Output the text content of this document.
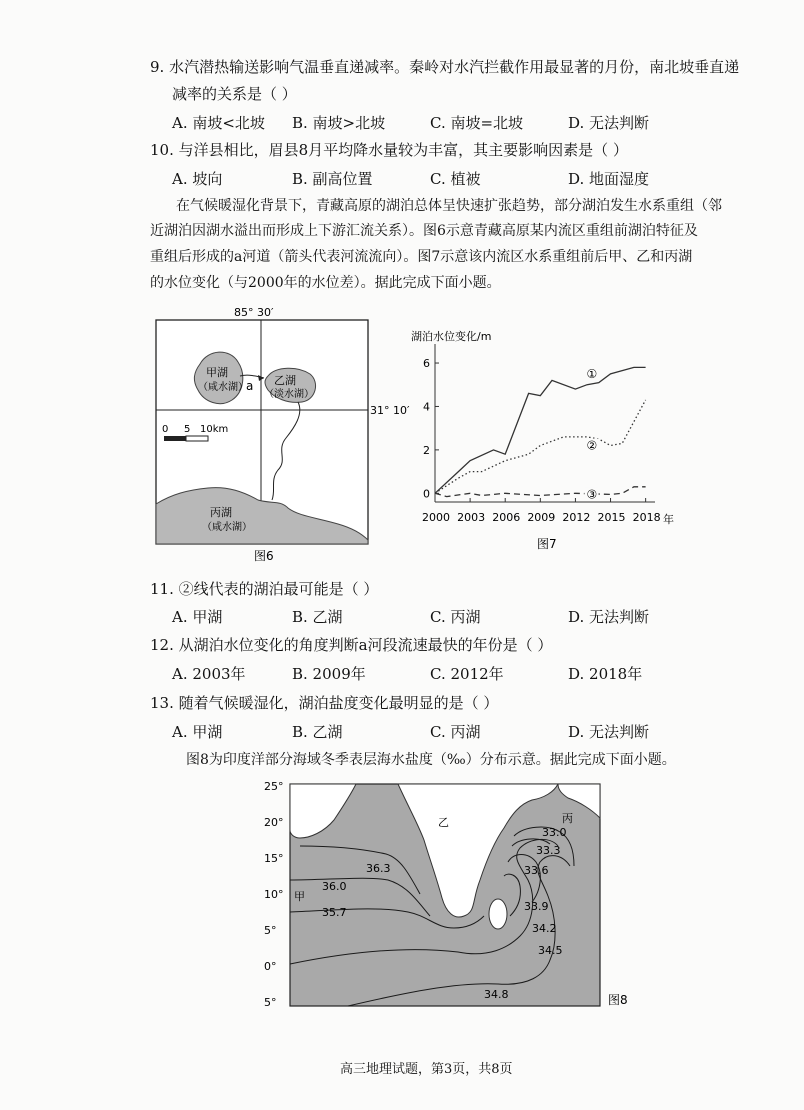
9. 水汽潜热输送影响气温垂直递减率。秦岭对水汽拦截作用最显著的月份，南北坡垂直递
减率的关系是（ ）
A. 南坡<北坡 B. 南坡>北坡	C. 南坡=北坡	D. 无法判断
10. 与洋县相比，眉县8月平均降水量较为丰富，其主要影响因素是（ ）
A. 坡向	B. 副高位置	C. 植被	D. 地面湿度
在气候暖湿化背景下，青藏高原的湖泊总体呈快速扩张趋势，部分湖泊发生水系重组（邻
近湖泊因湖水溢出而形成上下游汇流关系）。图6示意青藏高原某内流区重组前湖泊特征及
重组后形成的a河道（箭头代表河流流向）。图7示意该内流区水系重组前后甲、乙和丙湖
的水位变化（与2000年的水位差）。据此完成下面小题。
85° 30′
31° 10′
甲湖
（咸水湖）
a 乙湖
（淡水湖）
0 5 10km
丙湖
（咸水湖）
图6
湖泊水位变化/m
2000 2003 2006 2009 2012 2015 2018
0
2
4
6
①
②
③
年
图7
11. ②线代表的湖泊最可能是（ ）
A. 甲湖	B. 乙湖	C. 丙湖	D. 无法判断
12. 从湖泊水位变化的角度判断a河段流速最快的年份是（ ）
A. 2003年	B. 2009年	C. 2012年	D. 2018年
13. 随着气候暖湿化，湖泊盐度变化最明显的是（ ）
A. 甲湖	B. 乙湖	C. 丙湖	D. 无法判断
图8为印度洋部分海域冬季表层海水盐度（‰）分布示意。据此完成下面小题。
25°
20°
15°
10°
5°
0°
5°
甲
乙	丙
36.3
36.0
35.7
33.0
33.3
33.6
33.9
34.2
34.5
34.8	图8
高三地理试题，第3页，共8页
